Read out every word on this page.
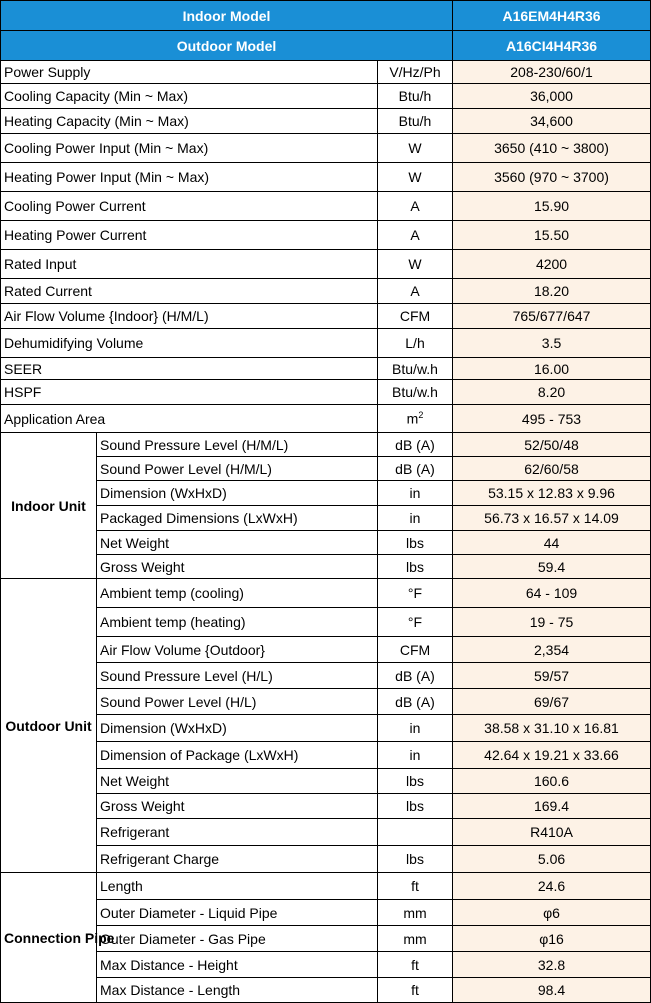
Indoor Model			A16EM4H4R36
Outdoor Model			A16CI4H4R36
Power Supply		V/Hz/Ph	208-230/60/1
Cooling Capacity (Min ~ Max)		Btu/h	36,000
Heating Capacity (Min ~ Max)		Btu/h	34,600
Cooling Power Input (Min ~ Max)		W	3650 (410 ~ 3800)
Heating Power Input (Min ~ Max)		W	3560 (970 ~ 3700)
Cooling Power Current		A	15.90
Heating Power Current		A	15.50
Rated Input		W	4200
Rated Current		A	18.20
Air Flow Volume {Indoor} (H/M/L)		CFM	765/677/647
Dehumidifying Volume		L/h	3.5
SEER		Btu/w.h	16.00
HSPF		Btu/w.h	8.20
Application Area		$m^2$	495 - 753
Indoor Unit	Sound Pressure Level (H/M/L)	dB (A)	52/50/48
	Sound Power Level (H/M/L)	dB (A)	62/60/58
	Dimension (WxHxD)	in	53.15 x 12.83 x 9.96
	Packaged Dimensions (LxWxH)	in	56.73 x 16.57 x 14.09
	Net Weight	lbs	44
	Gross Weight	lbs	59.4
Outdoor Unit	Ambient temp (cooling)	°F	64 - 109
	Ambient temp (heating)	°F	19 - 75
	Air Flow Volume {Outdoor}	CFM	2,354
	Sound Pressure Level (H/L)	dB (A)	59/57
	Sound Power Level (H/L)	dB (A)	69/67
	Dimension (WxHxD)	in	38.58 x 31.10 x 16.81
	Dimension of Package (LxWxH)	in	42.64 x 19.21 x 33.66
	Net Weight	lbs	160.6
	Gross Weight	lbs	169.4
	Refrigerant		R410A
	Refrigerant Charge	lbs	5.06
Connection Pipe	Length	ft	24.6
	Outer Diameter - Liquid Pipe	mm	φ6
	Outer Diameter - Gas Pipe	mm	φ16
	Max Distance - Height	ft	32.8
	Max Distance - Length	ft	98.4
